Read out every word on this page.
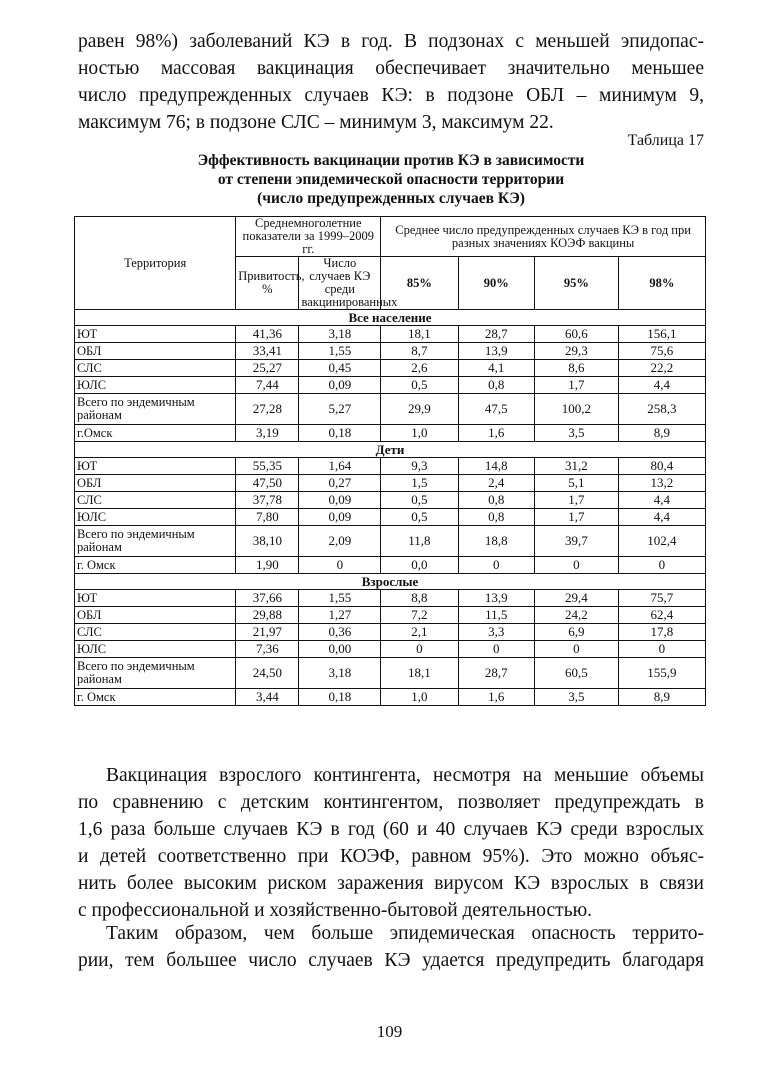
равен 98%) заболеваний КЭ в год. В подзонах с меньшей эпидопас-
ностью массовая вакцинация обеспечивает значительно меньшее
число предупрежденных случаев КЭ: в подзоне ОБЛ – минимум 9,
максимум 76; в подзоне СЛС – минимум 3, максимум 22.
Таблица 17
Эффективность вакцинации против КЭ в зависимости
от степени эпидемической опасности территории
(число предупрежденных случаев КЭ)
Территория	Среднемноголетние показатели за 1999–2009 гг.		Среднее число предупрежденных случаев КЭ в год при разных значениях КОЭФ вакцины			
	Привитость, %	Число случаев КЭ среди вакцинированных	85%	90%	95%	98%
Все население						
ЮТ	41,36	3,18	18,1	28,7	60,6	156,1
ОБЛ	33,41	1,55	8,7	13,9	29,3	75,6
СЛС	25,27	0,45	2,6	4,1	8,6	22,2
ЮЛС	7,44	0,09	0,5	0,8	1,7	4,4
Всего по эндемичным районам	27,28	5,27	29,9	47,5	100,2	258,3
г.Омск	3,19	0,18	1,0	1,6	3,5	8,9
Дети						
ЮТ	55,35	1,64	9,3	14,8	31,2	80,4
ОБЛ	47,50	0,27	1,5	2,4	5,1	13,2
СЛС	37,78	0,09	0,5	0,8	1,7	4,4
ЮЛС	7,80	0,09	0,5	0,8	1,7	4,4
Всего по эндемичным районам	38,10	2,09	11,8	18,8	39,7	102,4
г. Омск	1,90	0	0,0	0	0	0
Взрослые						
ЮТ	37,66	1,55	8,8	13,9	29,4	75,7
ОБЛ	29,88	1,27	7,2	11,5	24,2	62,4
СЛС	21,97	0,36	2,1	3,3	6,9	17,8
ЮЛС	7,36	0,00	0	0	0	0
Всего по эндемичным районам	24,50	3,18	18,1	28,7	60,5	155,9
г. Омск	3,44	0,18	1,0	1,6	3,5	8,9
Вакцинация взрослого контингента, несмотря на меньшие объемы
по сравнению с детским контингентом, позволяет предупреждать в
1,6 раза больше случаев КЭ в год (60 и 40 случаев КЭ среди взрослых
и детей соответственно при КОЭФ, равном 95%). Это можно объяс-
нить более высоким риском заражения вирусом КЭ взрослых в связи
с профессиональной и хозяйственно-бытовой деятельностью.
Таким образом, чем больше эпидемическая опасность террито-
рии, тем большее число случаев КЭ удается предупредить благодаря
109
